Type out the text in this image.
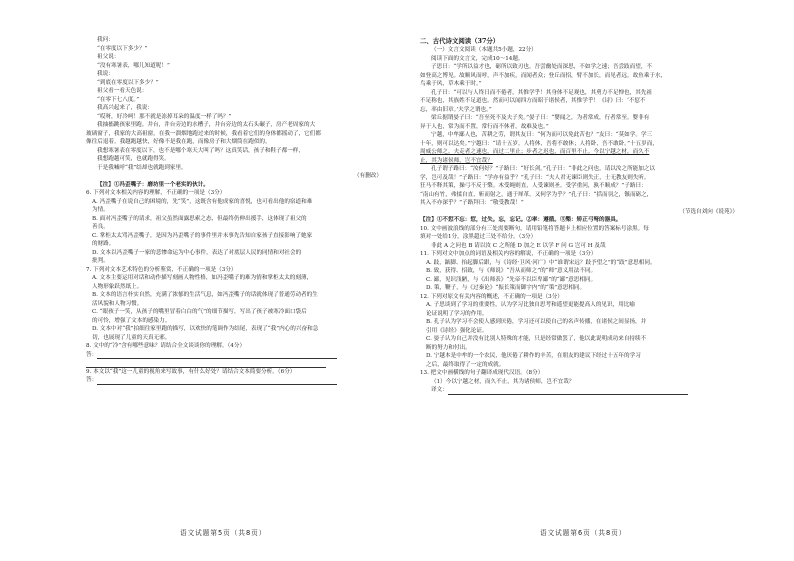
我问：
“在零度以下多少？”
祖父说：
“没有寒暑表，哪儿知道呢！”
我说：
“到底在零度以下多少？”
祖父看一看天色说：
“在零下七八度。”
我高兴起来了，我说：
“哎呀，好冷呵！那不就是冻掉耳朵的温度一样了吗？”
我抽搐跳孩家里跑。井台，井台旁边的水槽子，井台旁边的太石头碾子，房产老周家的大
玻璃窗子，我家的大高祖窗，在我一溜烟地跑过来的时候，我看着它们的身体都摇动了，它们都
像往后退着。我越跑越快，好像不是我在跑，而像房子和大烟筒在跑似的。
我想寒暑表在零度以下，也不是哪个寒天大叫了吗？这真笑话，孩子和鞋子都一样，
我想跑越可笑，也就跑得笑。
于是我喊呼“我”结却也就跑到家里。
（有删改）
【注】①冯歪嘴子：磨坊里一个老实的伙计。
6. 下列对文本相关内容的理解，不正确的一项是（3分）
A. 冯歪嘴子在说自己的困境的，先“笑”，这既含有他成家的喜悦，也可看出他的宿道和难
为情。
B. 面对冯歪嘴子的请求，祖父虽然面露思索之态，但最终仍伸出援手，这体现了祖父的
善良。
C. 掌柜太太骂冯歪嘴子，是因为冯歪嘴子的事件里并未事先告知自家孩子直接影响了她家
的财路。
D. 文本以冯歪嘴子一家的悲惨命运为中心事件，表达了对底层人民的同情和对社会的
批判。
7. 下列对文本艺术特色的分析鉴赏，不正确的一项是（3分）
A. 文本主要运用对话和动作描写刻画人物性格，如冯歪嘴子的难为情和掌柜太太的刻薄，
人物形象跃然纸上。
B. 文本的语言朴实自然，充满了浓郁的生活气息，如冯歪嘴子的话就体现了普通劳动者的生
活风貌和人物习惯。
C. “眼孩子一笑，从孩子的嘴里冒着白白的气”的细节描写，写出了孩子被寒冷面口袋后
的可怜，增强了文本的感染力。
D. 文本中对“我”拍细往家里跑的描写，以欢快的笔调作为结尾，表现了“我”内心的兴奋和急
切，也展现了儿童的天真无邪。
8. 文中的“冷”含有哪些意味？请结合全文谈谈你的理解。（4分）
答：
9. 本文以“我”这一儿童的视角来写故事，有什么好处？请结合文本简要分析。（6分）
答：
二、古代诗文阅读（37分）
（一）文言文阅读（本题共5小题，22分）
阅读下面的文言文，完成10～14题。
子思曰：“学所以益才也，砺所以致刃也。吾尝幽处而深思，不如学之速；吾尝跂而望，不
如登高之博见。故顺风而呼，声不加疾，而闻者众；登丘而招，臂不加长，而见者远。故鱼乘于水，
鸟乘于风，草木乘于时。”
孔子曰：“可以与人终日而不倦者，其惟学乎！其身体不足观也，其勇力不足惮也，其先祖
不足称也，其族姓不足道也。然而可以闻四方而昭于诸侯者，其惟学乎！《诗》曰：‘不愆不
忘，率由旧章。’夫学之谓也。”
梁丘据谓晏子曰：“吾至死不及夫子矣。”晏子曰：“婴闻之，为者常成，行者常至。婴非有
异于人也，常为而不置，常行而不休者，故难及也。”
宁越，中牟鄙人也，苦耕之劳，谓其友曰：“何为而可以免此苦也？”友曰：“莫如学。学三
十年，则可以达矣。”宁越曰：“请十五岁。人将休，吾将不敢休；人将卧，吾不敢卧。”十五岁而，
周威公师之。夫走者之速也，而过二里止；步者之迟也，而百里不止。今以宁越之材，而久不
止，其为诸侯师，岂不宜哉？
孔子谓子路曰：“汝何好？”子路曰：“好长剑。”孔子曰：“非此之问也，请以汝之所能加之以
学，岂可及哉！”子路曰：“学亦有益乎？”孔子曰：“夫人君无谏臣则失正，士无教友则失听。
狂马不释其策，操弓不反于檠。木受绳则直，人受谏则圣。受学重问，孰不顺成？”子路曰：
“南山有竹，弗揉自直，斩而射之，通于犀革。又何学为乎？”孔子曰：“括而羽之，镞而砺之，
其入不亦深乎？”子路拜曰：“敬受教哉！”
（节选自刘向《说苑》）
【注】①不愆不忘：愆，过失。忘，忘记。②率：遵循。③檠：矫正弓弩的器具。
10. 文中画波浪线的部分有三处需要断句，请用铅笔将答题卡上相应位置的答案标号涂黑。每
填对一处给1分，涂黑超过三处不给分。（3分）
非此 A 之问也 B 请以汝 C 之所能 D 加之 E 以学 F 问 G 岂可 H 及哉
11. 下列对文中加点的词语及相关内容的解说，不正确的一项是（3分）
A. 跂，踮脚、抬起脚后跟，与《诗经·卫风·河广》中“谁谓宋远？跂予望之”的“跂”意思相同。
B. 致，获得、招致，与《师说》“吾从而师之”的“师”意义用法不同。
C. 鄙，见识浅陋，与《出师表》“先帝不以臣卑鄙”的“鄙”意思相同。
D. 策，鞭子，与《过秦论》“振长策而御宇内”的“策”意思相同。
12. 下列对原文有关内容的概述，不正确的一项是（3分）
A. 子思谈到了学习的重要性，认为学习比独自思考和遥望更能提高人的见识，用比喻
论证说明了学习的作用。
B. 孔子认为学习不会使人感到厌倦，学习还可以使自己的名声传播，在诸侯之间显扬，并
引用《诗经》强化论证。
C. 晏子认为自己并没有比别人特殊的才能，只是经常做罢了，他以此说明成功来自持续不
断的努力和付出。
D. 宁越本是中牟的一个农民，他厌倦了耕作的辛苦，在朋友的建议下经过十五年的学习
之后，最终取得了一定的成就。
13. 把文中画横线的句子翻译成现代汉语。（8分）
（1）今以宁越之材，而久不止，其为诸侯师，岂不宜哉？
译文：
语文试题第5页（共8页）	语文试题第6页（共8页）
